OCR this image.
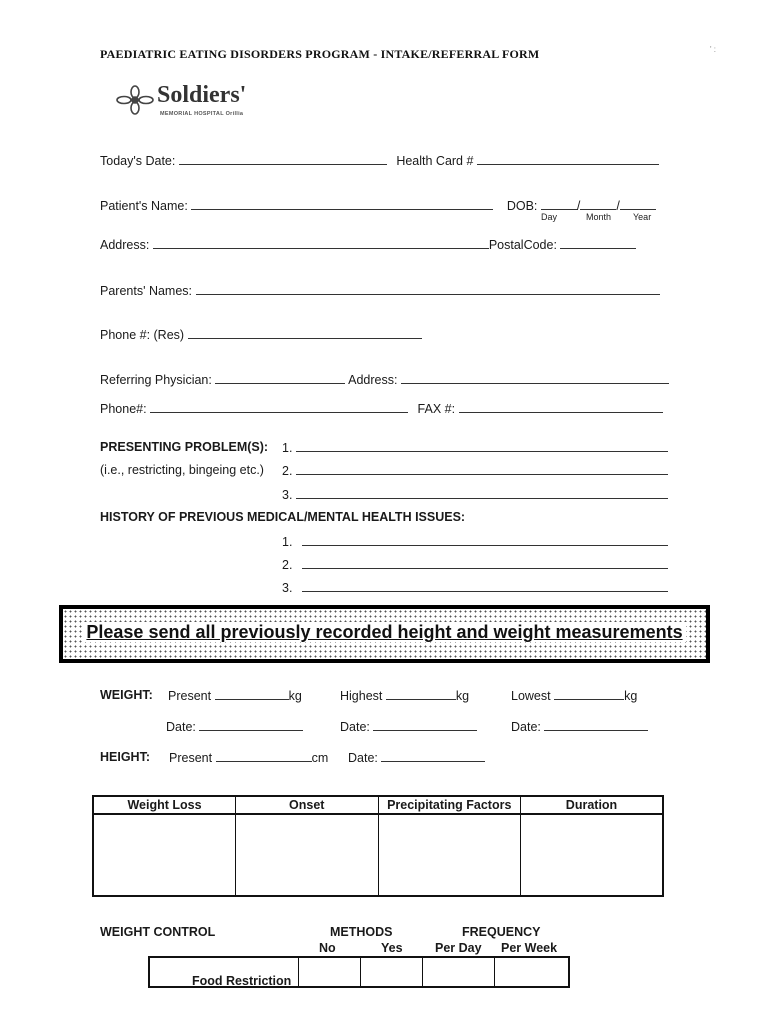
PAEDIATRIC EATING DISORDERS PROGRAM - INTAKE/REFERRAL FORM	' :
Soldiers'
MEMORIAL HOSPITAL Orillia
Today's Date:	Health Card #
Patient's Name:	DOB:	/	/
Day	Month Year
Address:	PostalCode:
Parents' Names:
Phone #: (Res)
Referring Physician:	Address:
Phone#:	FAX #:
PRESENTING PROBLEM(S):
(i.e., restricting, bingeing etc.)
1.
2.
3.
HISTORY OF PREVIOUS MEDICAL/MENTAL HEALTH ISSUES:
1.
2.
3.
Please send all previously recorded height and weight measurements
WEIGHT: Present	kg	Highest	kg	Lowest	kg
Date:	Date:	Date:
HEIGHT: Present	cm Date:
Weight Loss	Onset	Precipitating Factors	Duration

WEIGHT CONTROL	METHODS	FREQUENCY
No	Yes	Per Day Per Week
Food Restriction
